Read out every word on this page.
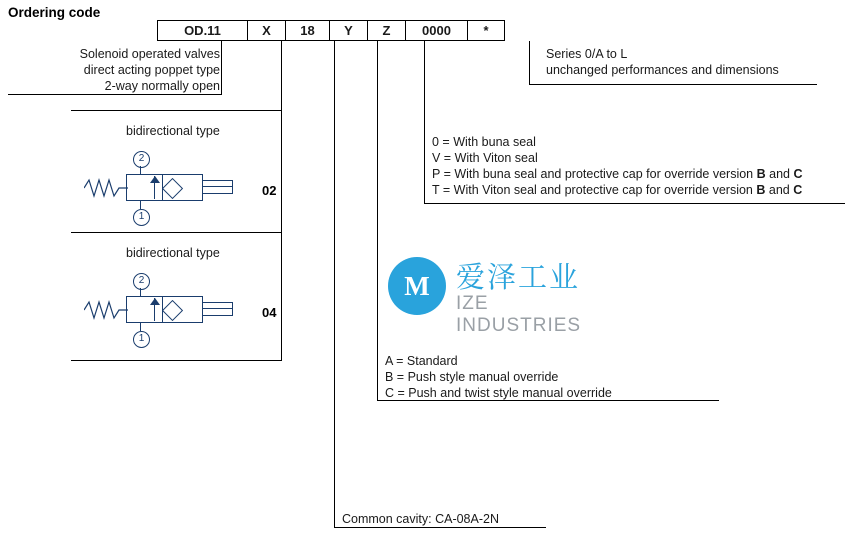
Ordering code
OD.11	X	18	Y	Z	0000	*
Solenoid operated valves
direct acting poppet type
2-way normally open
Series 0/A to L
unchanged performances and dimensions
0 = With buna seal
V = With Viton seal
P = With buna seal and protective cap for override version B and C
T = With Viton seal and protective cap for override version B and C
A = Standard
B = Push style manual override
C = Push and twist style manual override
Common cavity: CA-08A-2N
bidirectional type
2
1
02
bidirectional type
2
1
04
M 爱泽工业
IZE INDUSTRIES
